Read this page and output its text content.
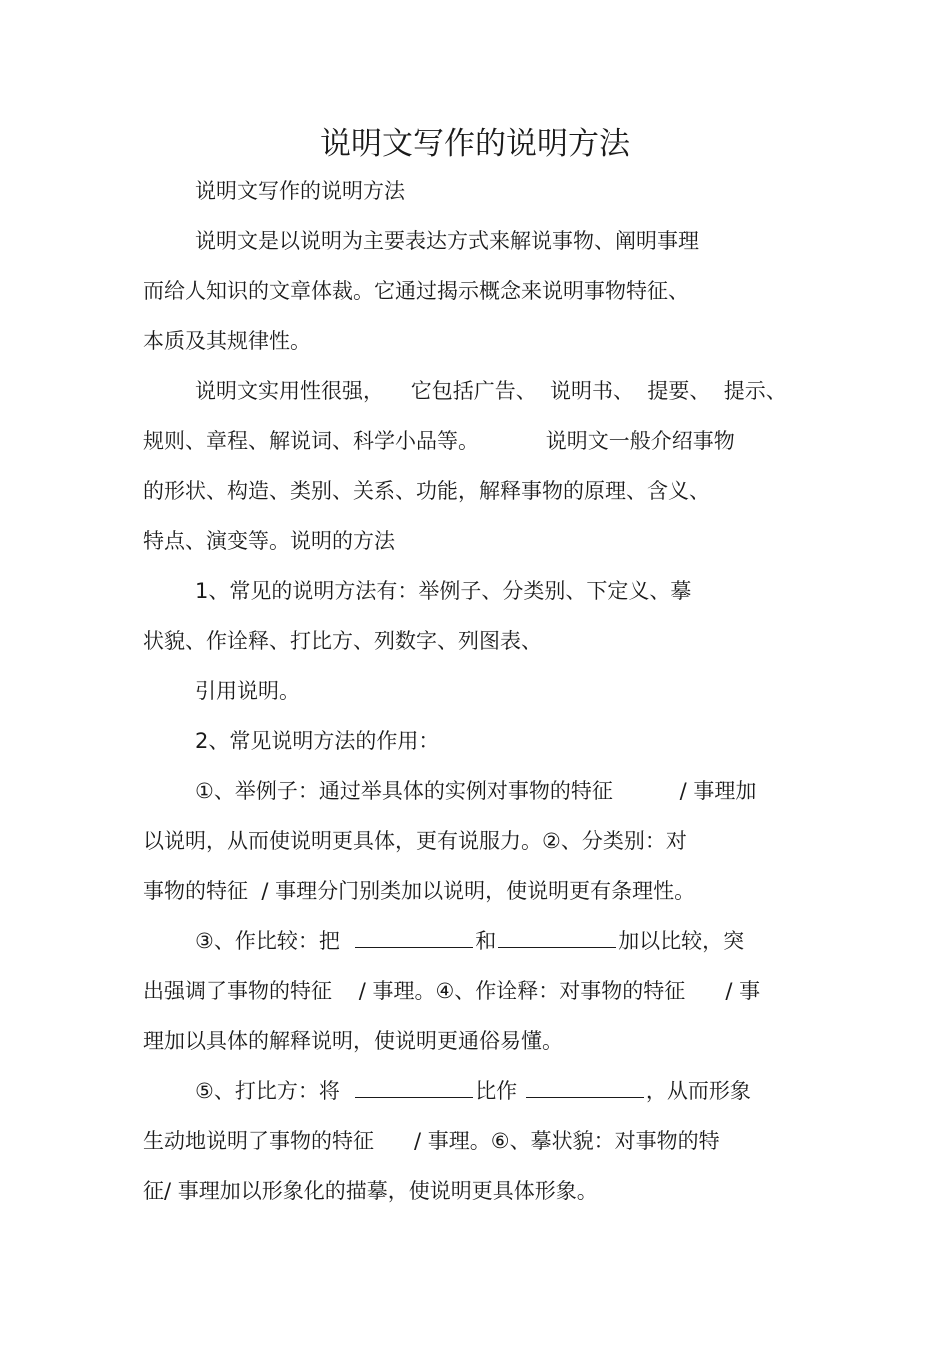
说明文写作的说明方法
说明文写作的说明方法
说明文是以说明为主要表达方式来解说事物、阐明事理
而给人知识的文章体裁。它通过揭示概念来说明事物特征、
本质及其规律性。
说明文实用性很强，    它包括广告、  说明书、  提要、  提示、
规则、章程、解说词、科学小品等。          说明文一般介绍事物
的形状、构造、类别、关系、功能，解释事物的原理、含义、
特点、演变等。说明的方法
1、常见的说明方法有：举例子、分类别、下定义、摹
状貌、作诠释、打比方、列数字、列图表、
引用说明。
2、常见说明方法的作用：
①、举例子：通过举具体的实例对事物的特征          / 事理加
以说明，从而使说明更具体，更有说服力。②、分类别：对
事物的特征  / 事理分门别类加以说明，使说明更有条理性。
③、作比较：把	和	加以比较，突
出强调了事物的特征    / 事理。④、作诠释：对事物的特征      / 事
理加以具体的解释说明，使说明更通俗易懂。
⑤、打比方：将	比作	，从而形象
生动地说明了事物的特征      / 事理。⑥、摹状貌：对事物的特
征/ 事理加以形象化的描摹，使说明更具体形象。
